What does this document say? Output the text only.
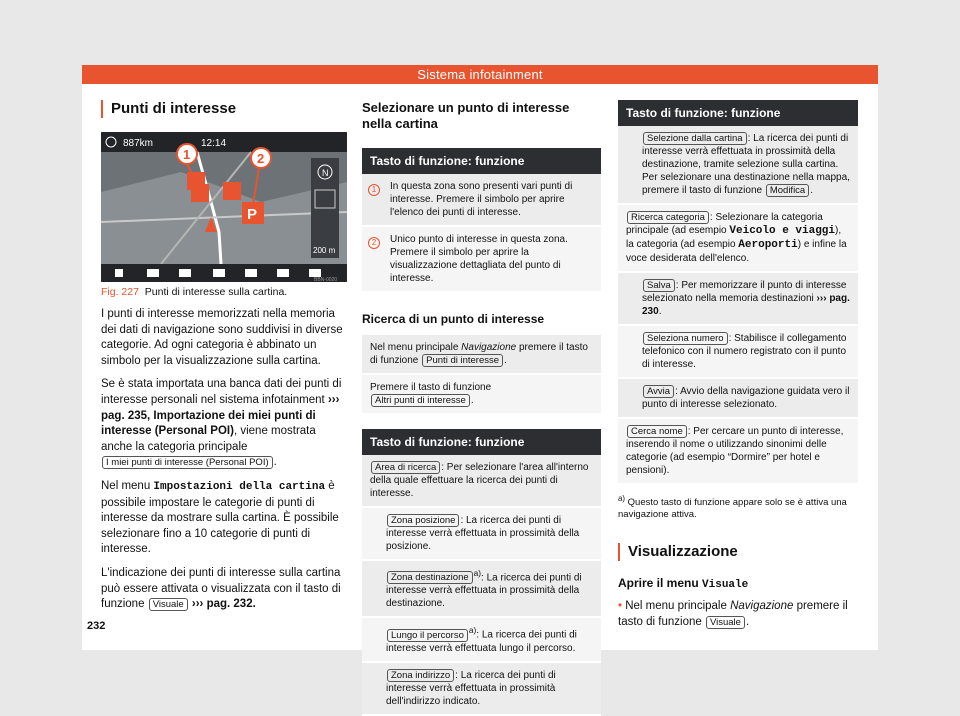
Sistema infotainment
Punti di interesse
887km	12:14
P
1	2
N
200 m
BBN-0020
Fig. 227 Punti di interesse sulla cartina.

I punti di interesse memorizzati nella memoria dei dati di navigazione sono suddivisi in diverse categorie. Ad ogni categoria è abbinato un simbolo per la visualizzazione sulla cartina.

Se è stata importata una banca dati dei punti di interesse personali nel sistema infotainment ››› pag. 235, Importazione dei miei punti di interesse (Personal POI), viene mostrata anche la categoria principale I miei punti di interesse (Personal POI) .

Nel menu Impostazioni della cartina è possibile impostare le categorie di punti di interesse da mostrare sulla cartina. È possibile selezionare fino a 10 categorie di punti di interesse.

L'indicazione dei punti di interesse sulla cartina può essere attivata o visualizzata con il tasto di funzione Visuale ››› pag. 232.

Selezionare un punto di interesse nella cartina
Tasto di funzione: funzione
1	In questa zona sono presenti vari punti di interesse. Premere il simbolo per aprire l'elenco dei punti di interesse.
2	Unico punto di interesse in questa zona. Premere il simbolo per aprire la visualizzazione dettagliata del punto di interesse.
Ricerca di un punto di interesse
Nel menu principale Navigazione premere il tasto di funzione Punti di interesse .
Premere il tasto di funzione Altri punti di interesse .
Tasto di funzione: funzione
Area di ricerca : Per selezionare l'area all'interno della quale effettuare la ricerca dei punti di interesse.
Zona posizione : La ricerca dei punti di interesse verrà effettuata in prossimità della posizione.
Zona destinazione $^{a)}$: La ricerca dei punti di interesse verrà effettuata in prossimità della destinazione.
Lungo il percorso $^{a)}$: La ricerca dei punti di interesse verrà effettuata lungo il percorso.
Zona indirizzo : La ricerca dei punti di interesse verrà effettuata in prossimità dell'indirizzo indicato.
Tasto di funzione: funzione
Selezione dalla cartina : La ricerca dei punti di interesse verrà effettuata in prossimità della destinazione, tramite selezione sulla cartina. Per selezionare una destinazione nella mappa, premere il tasto di funzione Modifica .
Ricerca categoria : Selezionare la categoria principale (ad esempio Veicolo e viaggi), la categoria (ad esempio Aeroporti) e infine la voce desiderata dell'elenco.
Salva : Per memorizzare il punto di interesse selezionato nella memoria destinazioni ››› pag. 230.
Seleziona numero : Stabilisce il collegamento telefonico con il numero registrato con il punto di interesse.
Avvia : Avvio della navigazione guidata vero il punto di interesse selezionato.
Cerca nome : Per cercare un punto di interesse, inserendo il nome o utilizzando sinonimi delle categorie (ad esempio “Dormire” per hotel e pensioni).
$^{a)}$ Questo tasto di funzione appare solo se è attiva una navigazione attiva.
Visualizzazione
Aprire il menu Visuale

• Nel menu principale Navigazione premere il tasto di funzione Visuale .

232
